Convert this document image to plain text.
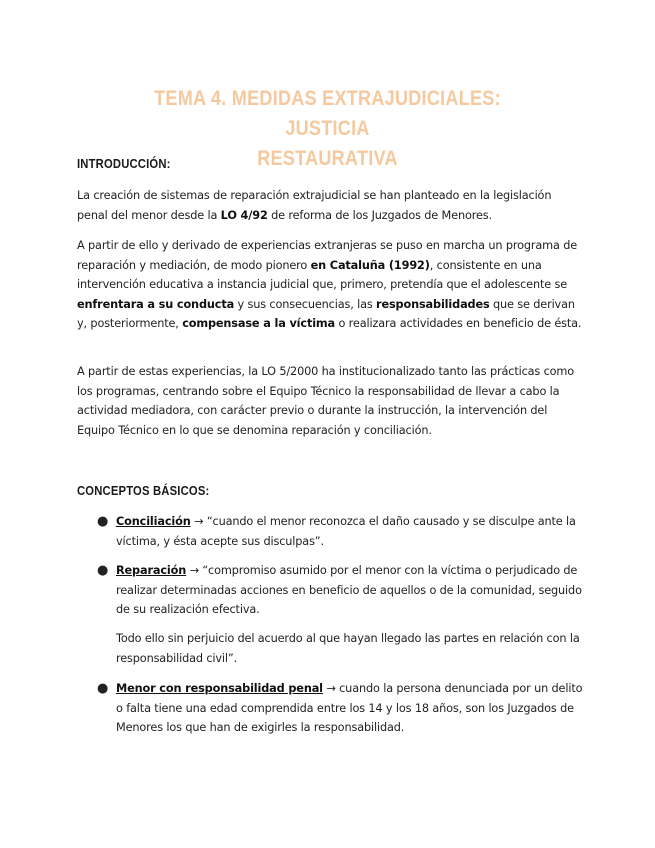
TEMA 4. MEDIDAS EXTRAJUDICIALES: JUSTICIA
RESTAURATIVA
INTRODUCCIÓN:

La creación de sistemas de reparación extrajudicial se han planteado en la legislación penal del menor desde la LO 4/92 de reforma de los Juzgados de Menores.

A partir de ello y derivado de experiencias extranjeras se puso en marcha un programa de reparación y mediación, de modo pionero en Cataluña (1992), consistente en una intervención educativa a instancia judicial que, primero, pretendía que el adolescente se enfrentara a su conducta y sus consecuencias, las responsabilidades que se derivan y, posteriormente, compensase a la víctima o realizara actividades en beneficio de ésta.

A partir de estas experiencias, la LO 5/2000 ha institucionalizado tanto las prácticas como los programas, centrando sobre el Equipo Técnico la responsabilidad de llevar a cabo la actividad mediadora, con carácter previo o durante la instrucción, la intervención del Equipo Técnico en lo que se denomina reparación y conciliación.

CONCEPTOS BÁSICOS:
● Conciliación → “cuando el menor reconozca el daño causado y se disculpe ante la víctima, y ésta acepte sus disculpas”.

● Reparación → “compromiso asumido por el menor con la víctima o perjudicado de realizar determinadas acciones en beneficio de aquellos o de la comunidad, seguido de su realización efectiva.

Todo ello sin perjuicio del acuerdo al que hayan llegado las partes en relación con la responsabilidad civil”.

● Menor con responsabilidad penal → cuando la persona denunciada por un delito o falta tiene una edad comprendida entre los 14 y los 18 años, son los Juzgados de Menores los que han de exigirles la responsabilidad.
